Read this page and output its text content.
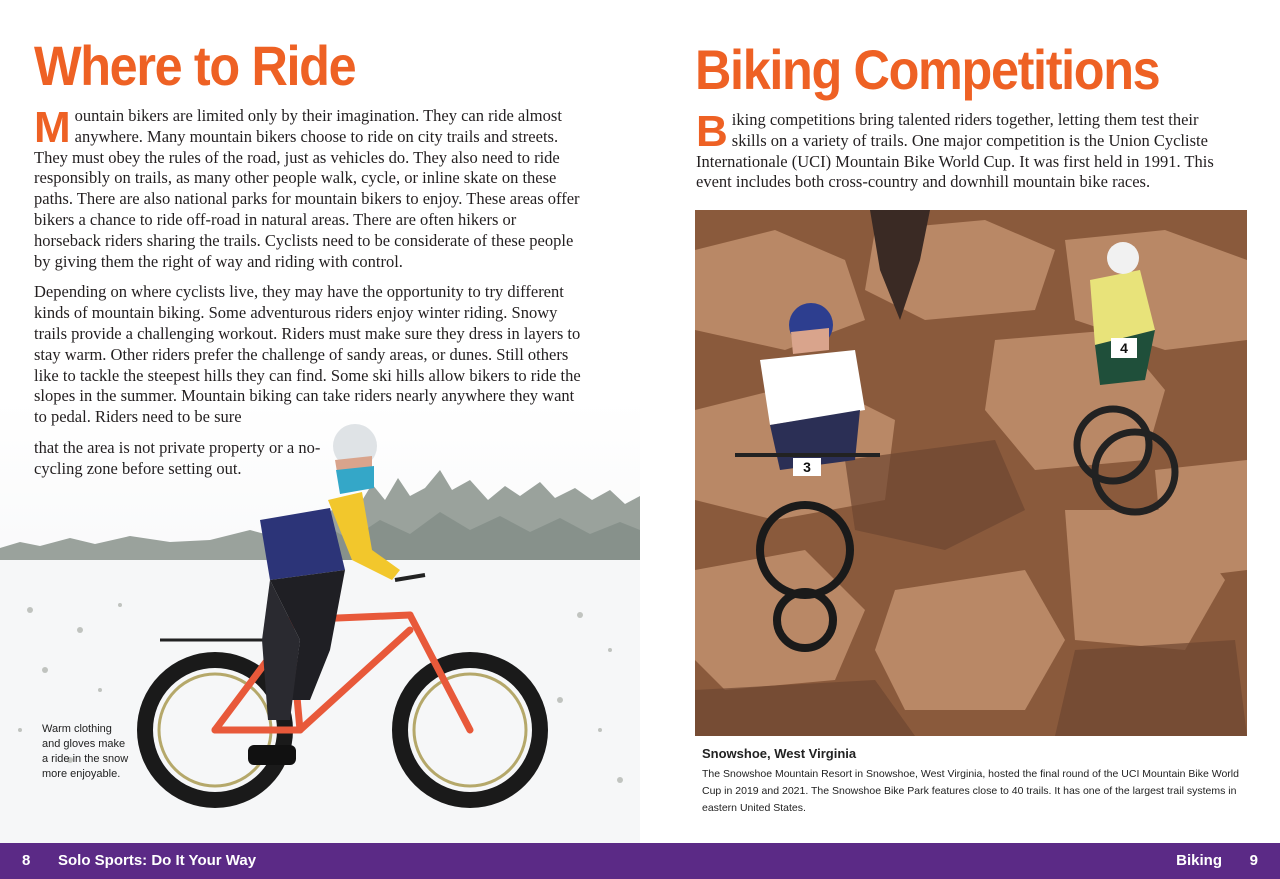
Where to Ride

Mountain bikers are limited only by their imagination. They can ride almost anywhere. Many mountain bikers choose to ride on city trails and streets. They must obey the rules of the road, just as vehicles do. They also need to ride responsibly on trails, as many other people walk, cycle, or inline skate on these paths. There are also national parks for mountain bikers to enjoy. These areas offer bikers a chance to ride off-road in natural areas. There are often hikers or horseback riders sharing the trails. Cyclists need to be considerate of these people by giving them the right of way and riding with control.

Depending on where cyclists live, they may have the opportunity to try different kinds of mountain biking. Some adventurous riders enjoy winter riding. Snowy trails provide a challenging workout. Riders must make sure they dress in layers to stay warm. Other riders prefer the challenge of sandy areas, or dunes. Still others like to tackle the steepest hills they can find. Some ski hills allow bikers to ride the slopes in the summer. Mountain biking can take riders nearly anywhere they want to pedal. Riders need to be sure

that the area is not private property or a no-cycling zone before setting out.

Warm clothing and gloves make a ride in the snow more enjoyable.
Biking Competitions

Biking competitions bring talented riders together, letting them test their skills on a variety of trails. One major competition is the Union Cycliste Internationale (UCI) Mountain Bike World Cup. It was first held in 1991. This event includes both cross-country and downhill mountain bike races.

4
3
Snowshoe, West Virginia
The Snowshoe Mountain Resort in Snowshoe, West Virginia, hosted the final round of the UCI Mountain Bike World Cup in 2019 and 2021. The Snowshoe Bike Park features close to 40 trails. It has one of the largest trail systems in eastern United States.
8 Solo Sports: Do It Your Way	Biking 9
